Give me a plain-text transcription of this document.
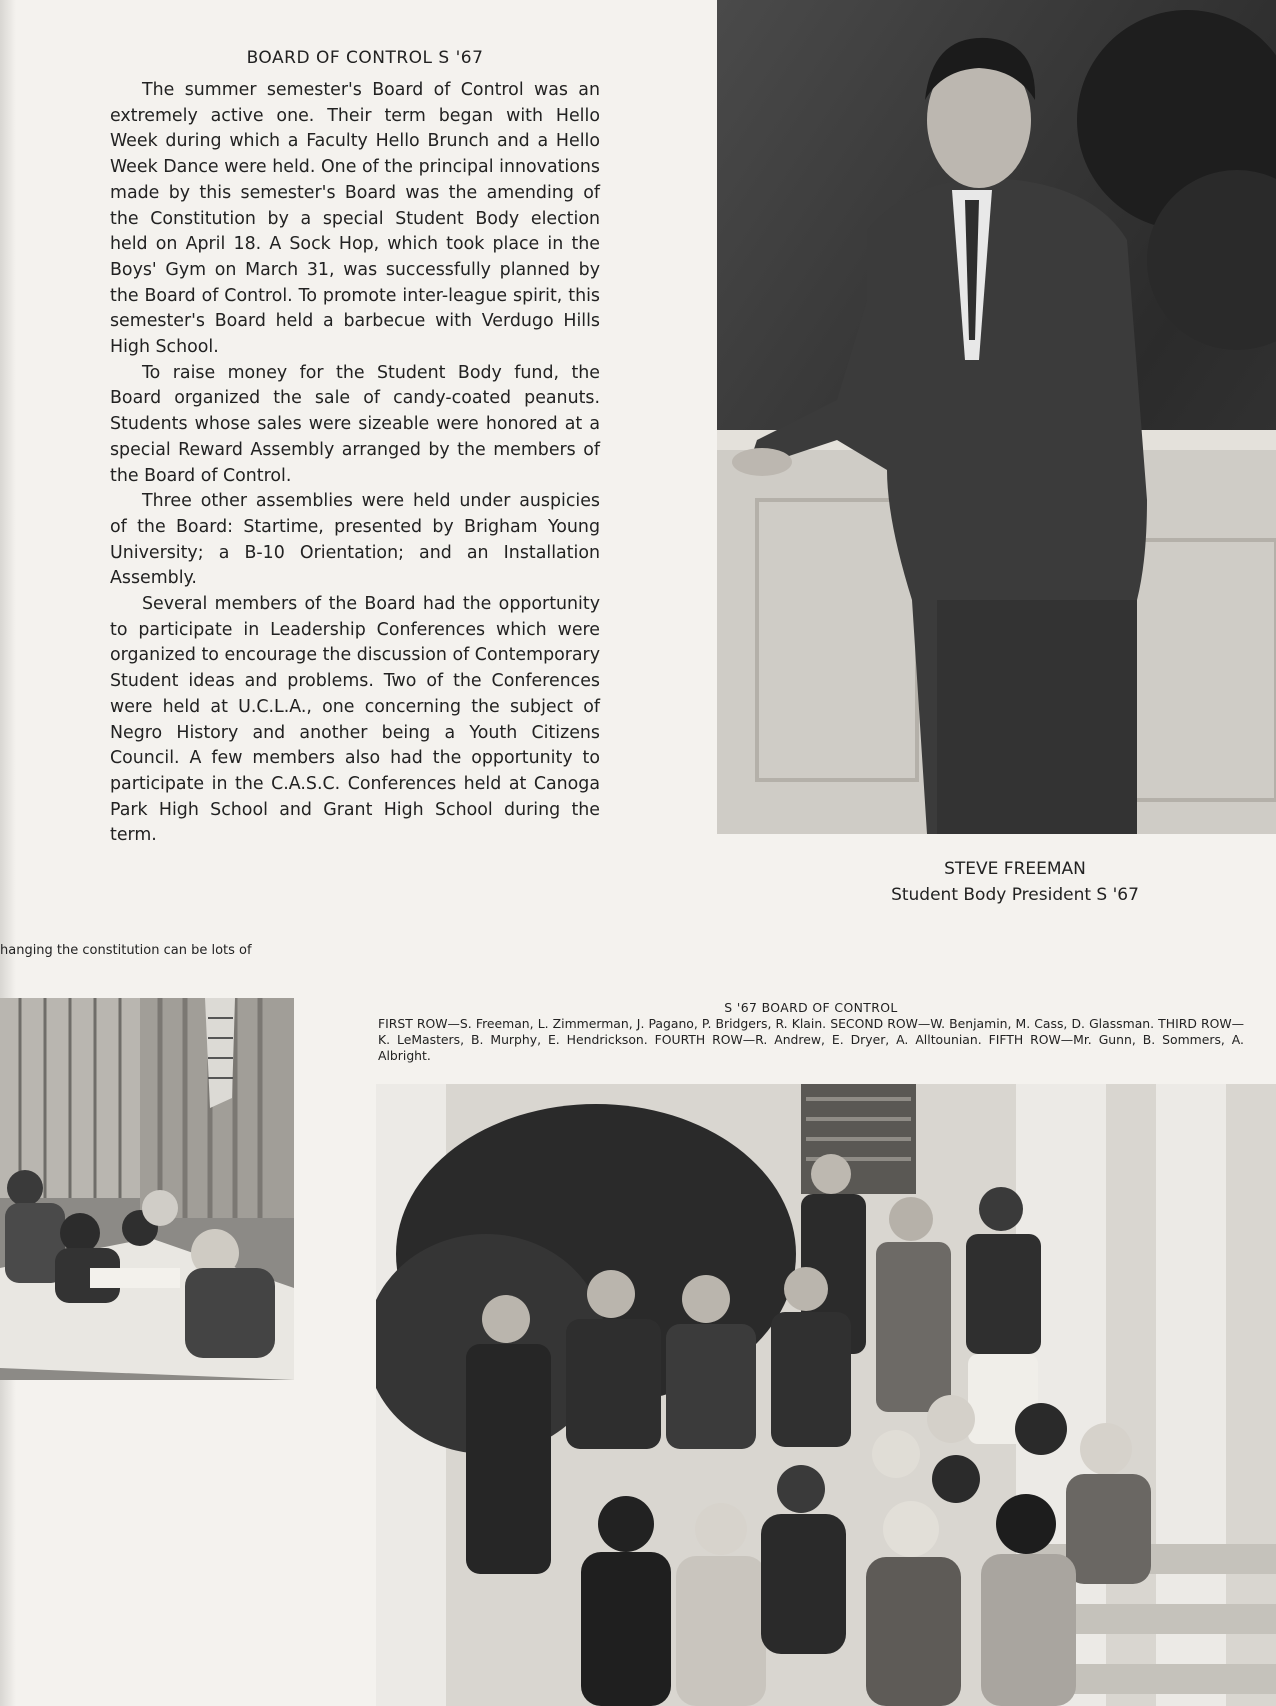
BOARD OF CONTROL S '67

The summer semester's Board of Control was an extremely active one. Their term began with Hello Week during which a Faculty Hello Brunch and a Hello Week Dance were held. One of the principal innovations made by this semester's Board was the amending of the Constitution by a special Student Body election held on April 18. A Sock Hop, which took place in the Boys' Gym on March 31, was successfully planned by the Board of Control. To promote inter-league spirit, this semester's Board held a barbecue with Verdugo Hills High School.

To raise money for the Student Body fund, the Board organized the sale of candy-coated peanuts. Students whose sales were sizeable were honored at a special Reward Assembly arranged by the members of the Board of Control.

Three other assemblies were held under auspicies of the Board: Startime, presented by Brigham Young University; a B-10 Orientation; and an Installation Assembly.

Several members of the Board had the opportunity to participate in Leadership Conferences which were organized to encourage the discussion of Contemporary Student ideas and problems. Two of the Conferences were held at U.C.L.A., one concerning the subject of Negro History and another being a Youth Citizens Council. A few members also had the opportunity to participate in the C.A.S.C. Conferences held at Canoga Park High School and Grant High School during the term.

STEVE FREEMAN
Student Body President S '67
hanging the constitution can be lots of
S '67 BOARD OF CONTROL
FIRST ROW—S. Freeman, L. Zimmerman, J. Pagano, P. Bridgers, R. Klain. SECOND ROW—W. Benjamin, M. Cass, D. Glassman. THIRD ROW—K. LeMasters, B. Murphy, E. Hendrickson. FOURTH ROW—R. Andrew, E. Dryer, A. Alltounian. FIFTH ROW—Mr. Gunn, B. Sommers, A. Albright.
